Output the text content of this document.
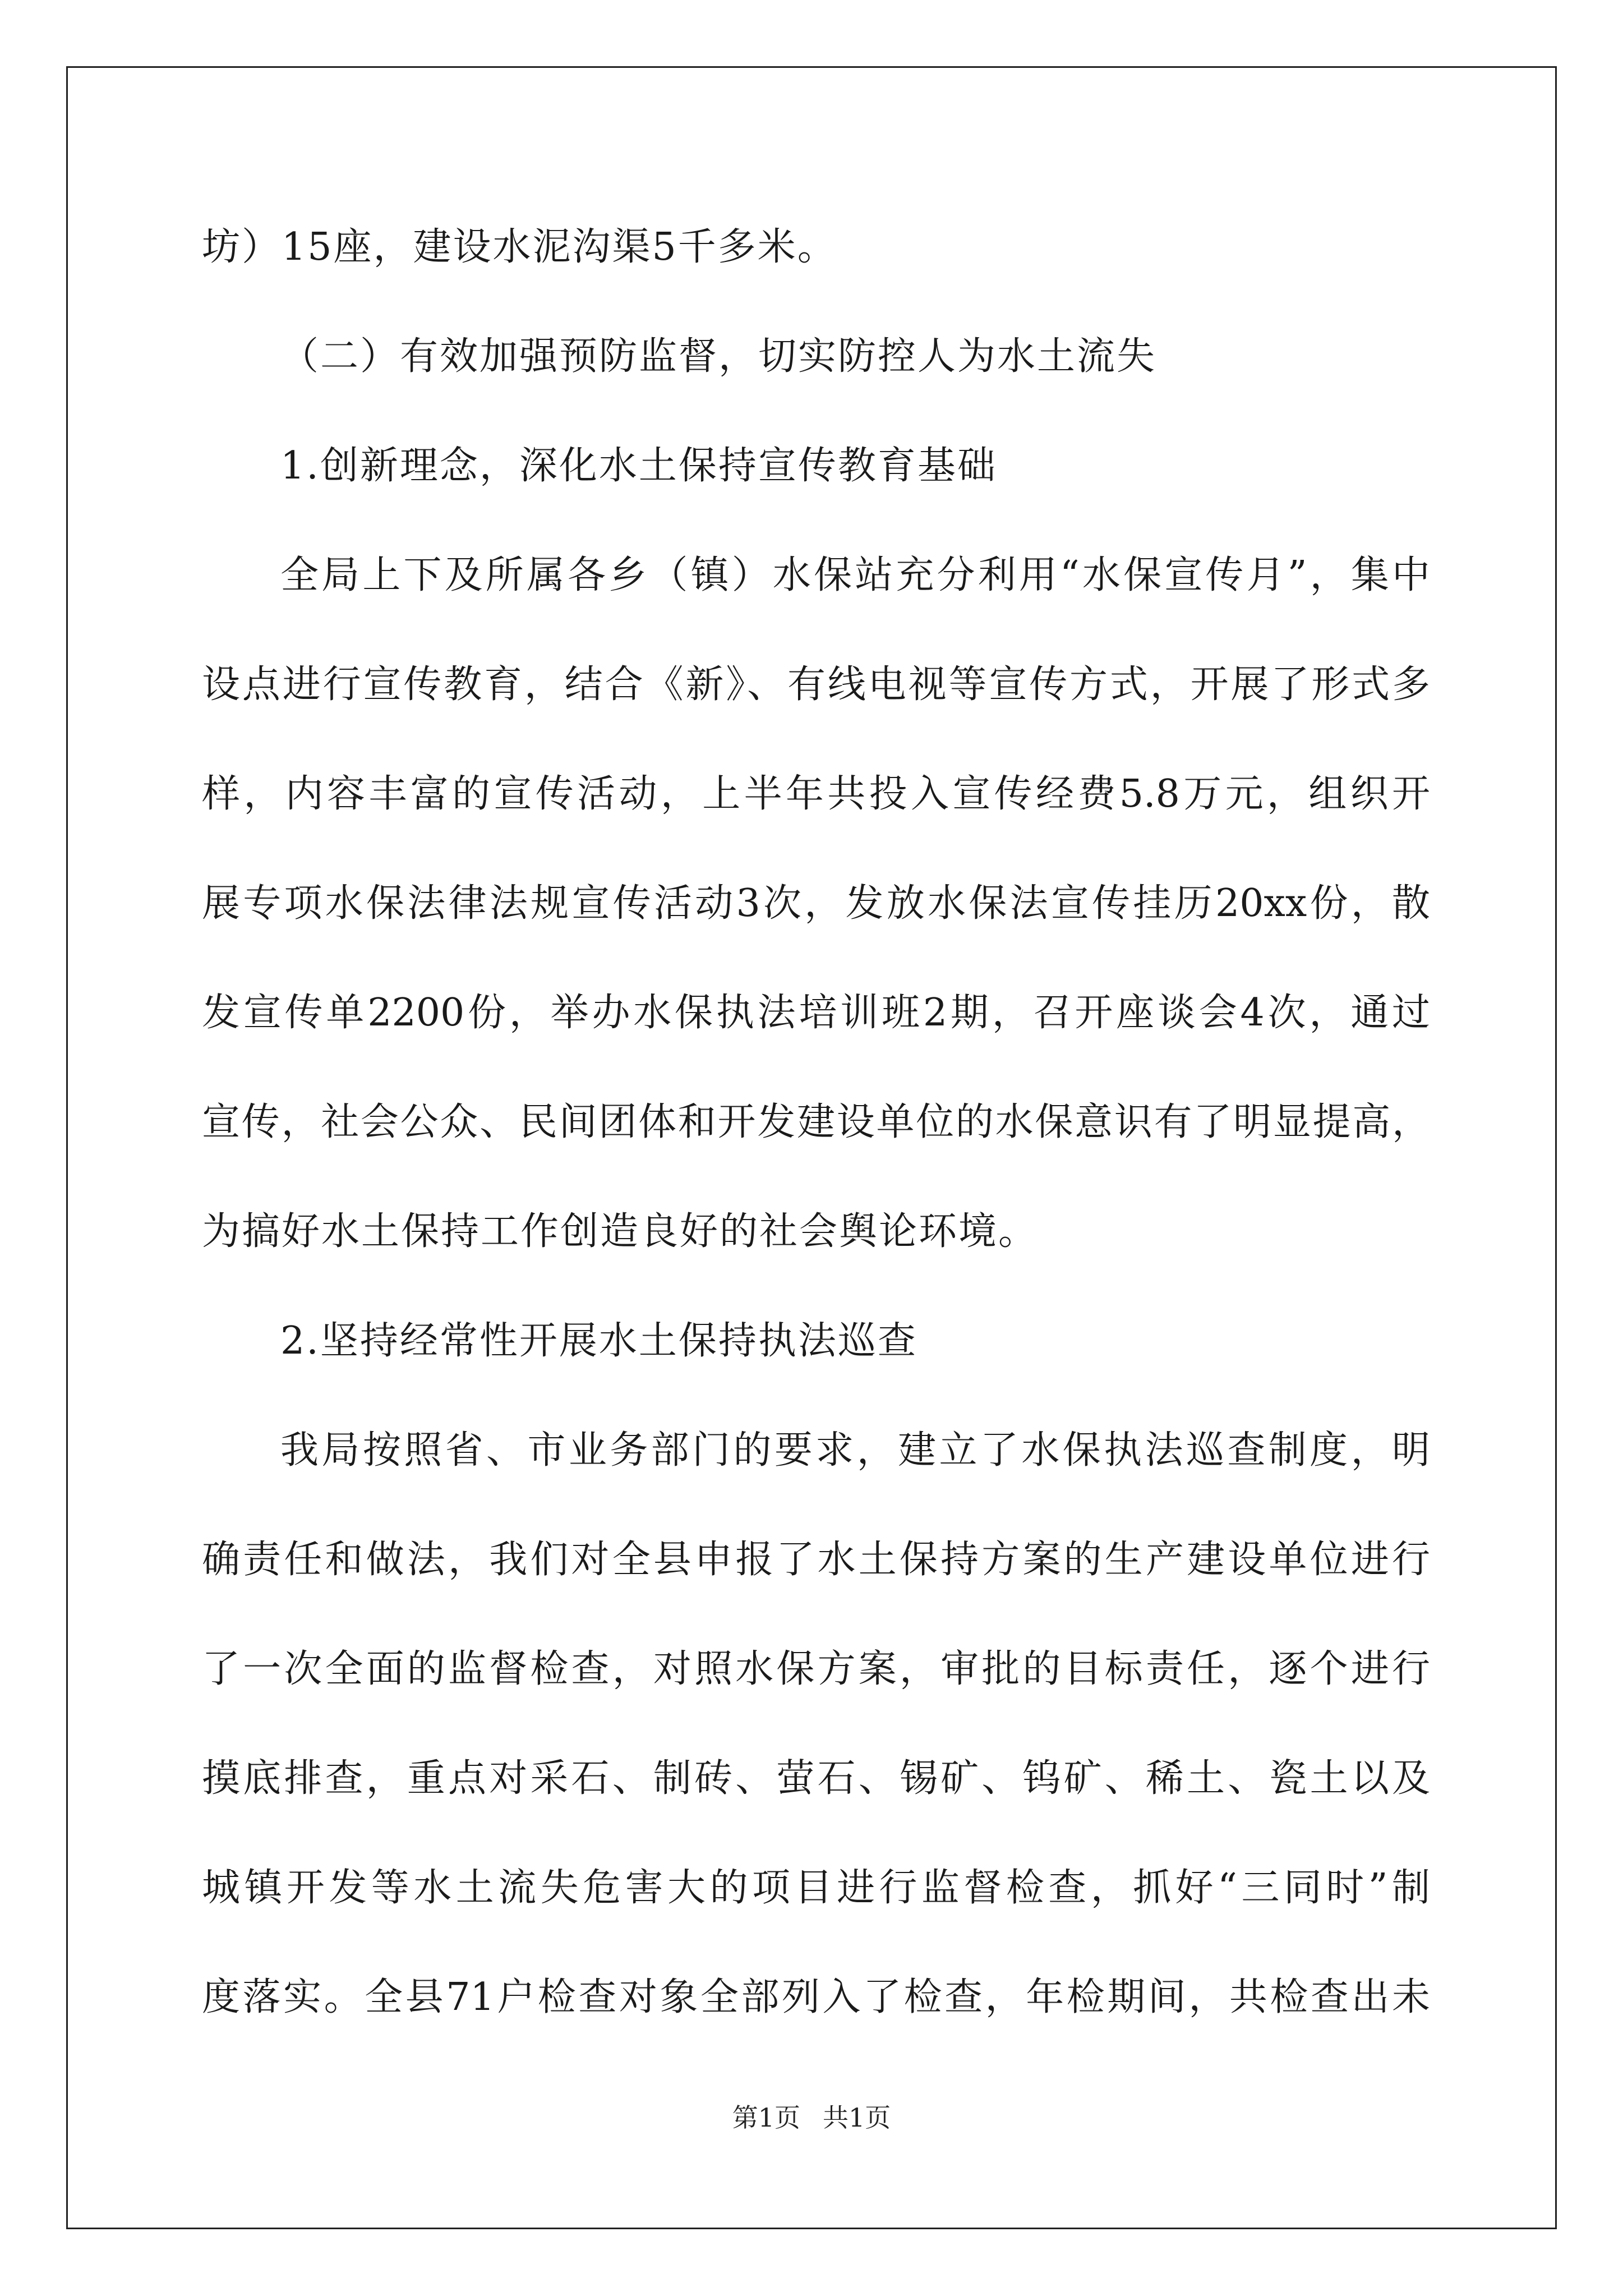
坊）15座，建设水泥沟渠5千多米。
（二）有效加强预防监督，切实防控人为水土流失
1.创新理念，深化水土保持宣传教育基础
全局上下及所属各乡（镇）水保站充分利用“水保宣传月”，集中
设点进行宣传教育，结合《新》、有线电视等宣传方式，开展了形式多
样，内容丰富的宣传活动，上半年共投入宣传经费5.8万元，组织开
展专项水保法律法规宣传活动3次，发放水保法宣传挂历20xx份，散
发宣传单2200份，举办水保执法培训班2期，召开座谈会4次，通过
宣传，社会公众、民间团体和开发建设单位的水保意识有了明显提高，
为搞好水土保持工作创造良好的社会舆论环境。
2.坚持经常性开展水土保持执法巡查
我局按照省、市业务部门的要求，建立了水保执法巡查制度，明
确责任和做法，我们对全县申报了水土保持方案的生产建设单位进行
了一次全面的监督检查，对照水保方案，审批的目标责任，逐个进行
摸底排查，重点对采石、制砖、萤石、锡矿、钨矿、稀土、瓷土以及
城镇开发等水土流失危害大的项目进行监督检查，抓好“三同时”制
度落实。全县71户检查对象全部列入了检查，年检期间，共检查出未
第1页 共1页
